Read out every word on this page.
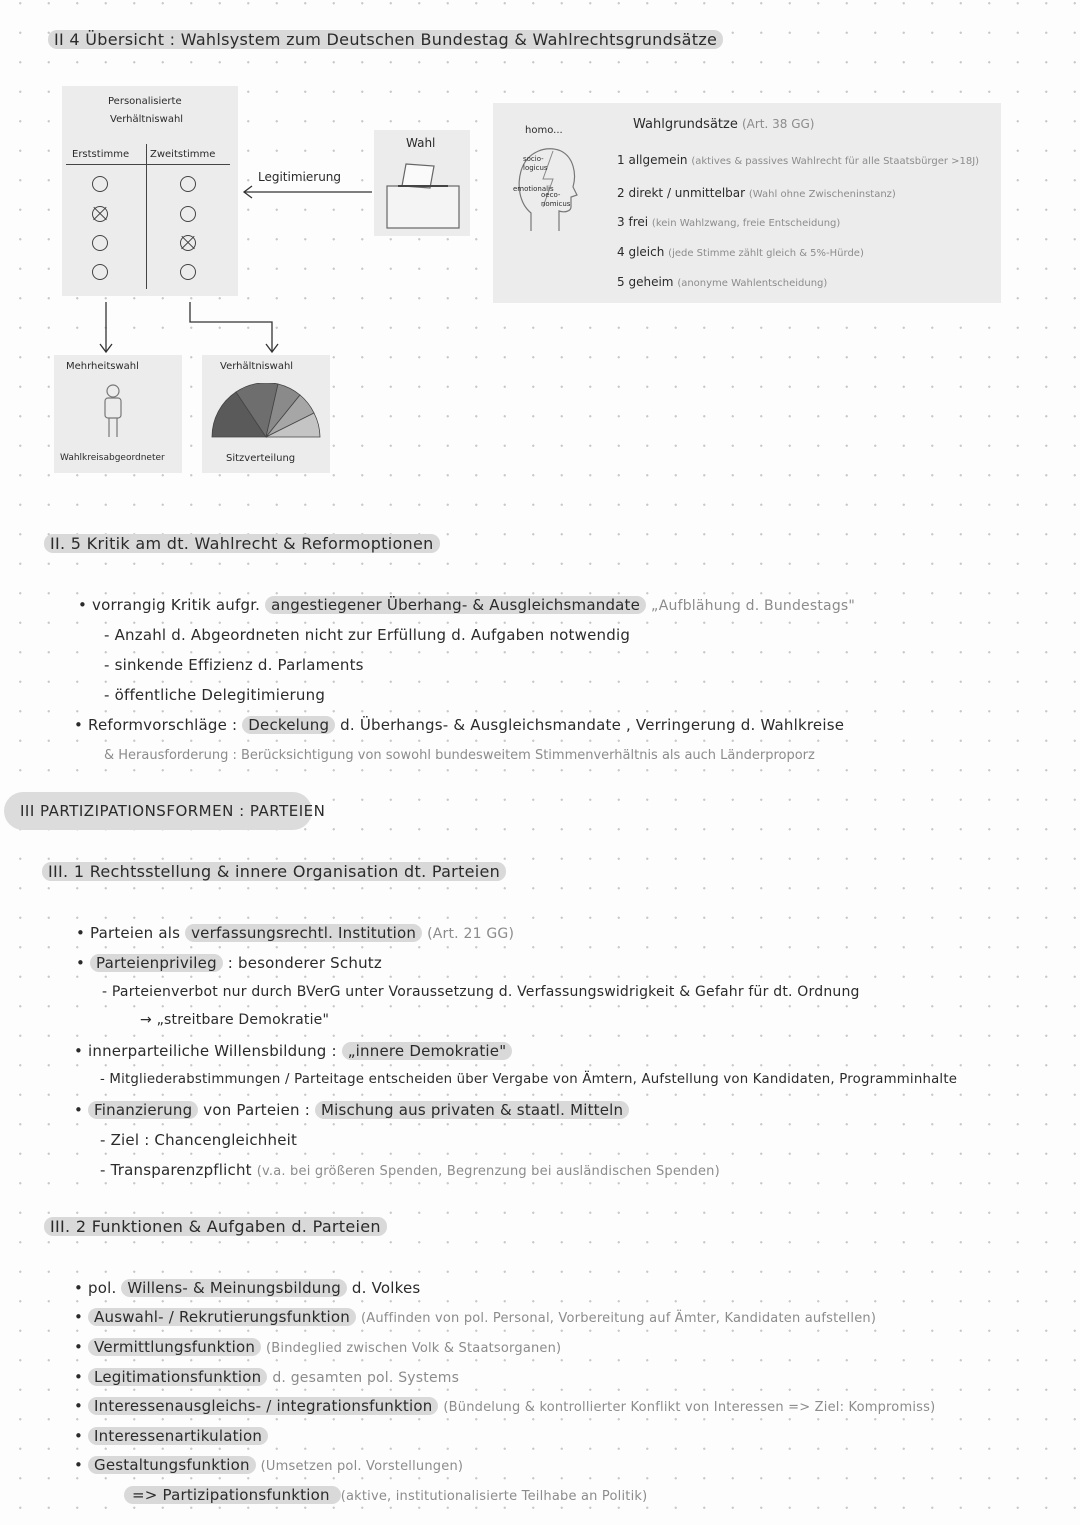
II 4 Übersicht : Wahlsystem zum Deutschen Bundestag & Wahlrechtsgrundsätze
Personalisierte
Verhältniswahl
Erststimme Zweitstimme
Legitimierung
Wahl
Mehrheitswahl
Wahlkreisabgeordneter
Verhältniswahl
Sitzverteilung
homo...
socio-logicus
emotionalis
oeco-nomicus
Wahlgrundsätze (Art. 38 GG)
1 allgemein (aktives & passives Wahlrecht für alle Staatsbürger >18J)
2 direkt / unmittelbar (Wahl ohne Zwischeninstanz)
3 frei (kein Wahlzwang, freie Entscheidung)
4 gleich (jede Stimme zählt gleich & 5%-Hürde)
5 geheim (anonyme Wahlentscheidung)
II. 5 Kritik am dt. Wahlrecht & Reformoptionen
• vorrangig Kritik aufgr. angestiegener Überhang- & Ausgleichsmandate „Aufblähung d. Bundestags"
- Anzahl d. Abgeordneten nicht zur Erfüllung d. Aufgaben notwendig
- sinkende Effizienz d. Parlaments
- öffentliche Delegitimierung
• Reformvorschläge : Deckelung d. Überhangs- & Ausgleichsmandate , Verringerung d. Wahlkreise
& Herausforderung : Berücksichtigung von sowohl bundesweitem Stimmenverhältnis als auch Länderproporz
III PARTIZIPATIONSFORMEN : PARTEIEN
III. 1 Rechtsstellung & innere Organisation dt. Parteien
• Parteien als verfassungsrechtl. Institution (Art. 21 GG)
• Parteienprivileg : besonderer Schutz
- Parteienverbot nur durch BVerG unter Voraussetzung d. Verfassungswidrigkeit & Gefahr für dt. Ordnung
→ „streitbare Demokratie"
• innerparteiliche Willensbildung : „innere Demokratie"
- Mitgliederabstimmungen / Parteitage entscheiden über Vergabe von Ämtern, Aufstellung von Kandidaten, Programminhalte
• Finanzierung von Parteien : Mischung aus privaten & staatl. Mitteln
- Ziel : Chancengleichheit
- Transparenzpflicht (v.a. bei größeren Spenden, Begrenzung bei ausländischen Spenden)
III. 2 Funktionen & Aufgaben d. Parteien
• pol. Willens- & Meinungsbildung d. Volkes
• Auswahl- / Rekrutierungsfunktion (Auffinden von pol. Personal, Vorbereitung auf Ämter, Kandidaten aufstellen)
• Vermittlungsfunktion (Bindeglied zwischen Volk & Staatsorganen)
• Legitimationsfunktion d. gesamten pol. Systems
• Interessenausgleichs- / integrationsfunktion (Bündelung & kontrollierter Konflikt von Interessen => Ziel: Kompromiss)
• Interessenartikulation
• Gestaltungsfunktion (Umsetzen pol. Vorstellungen)
=> Partizipationsfunktion (aktive, institutionalisierte Teilhabe an Politik)
